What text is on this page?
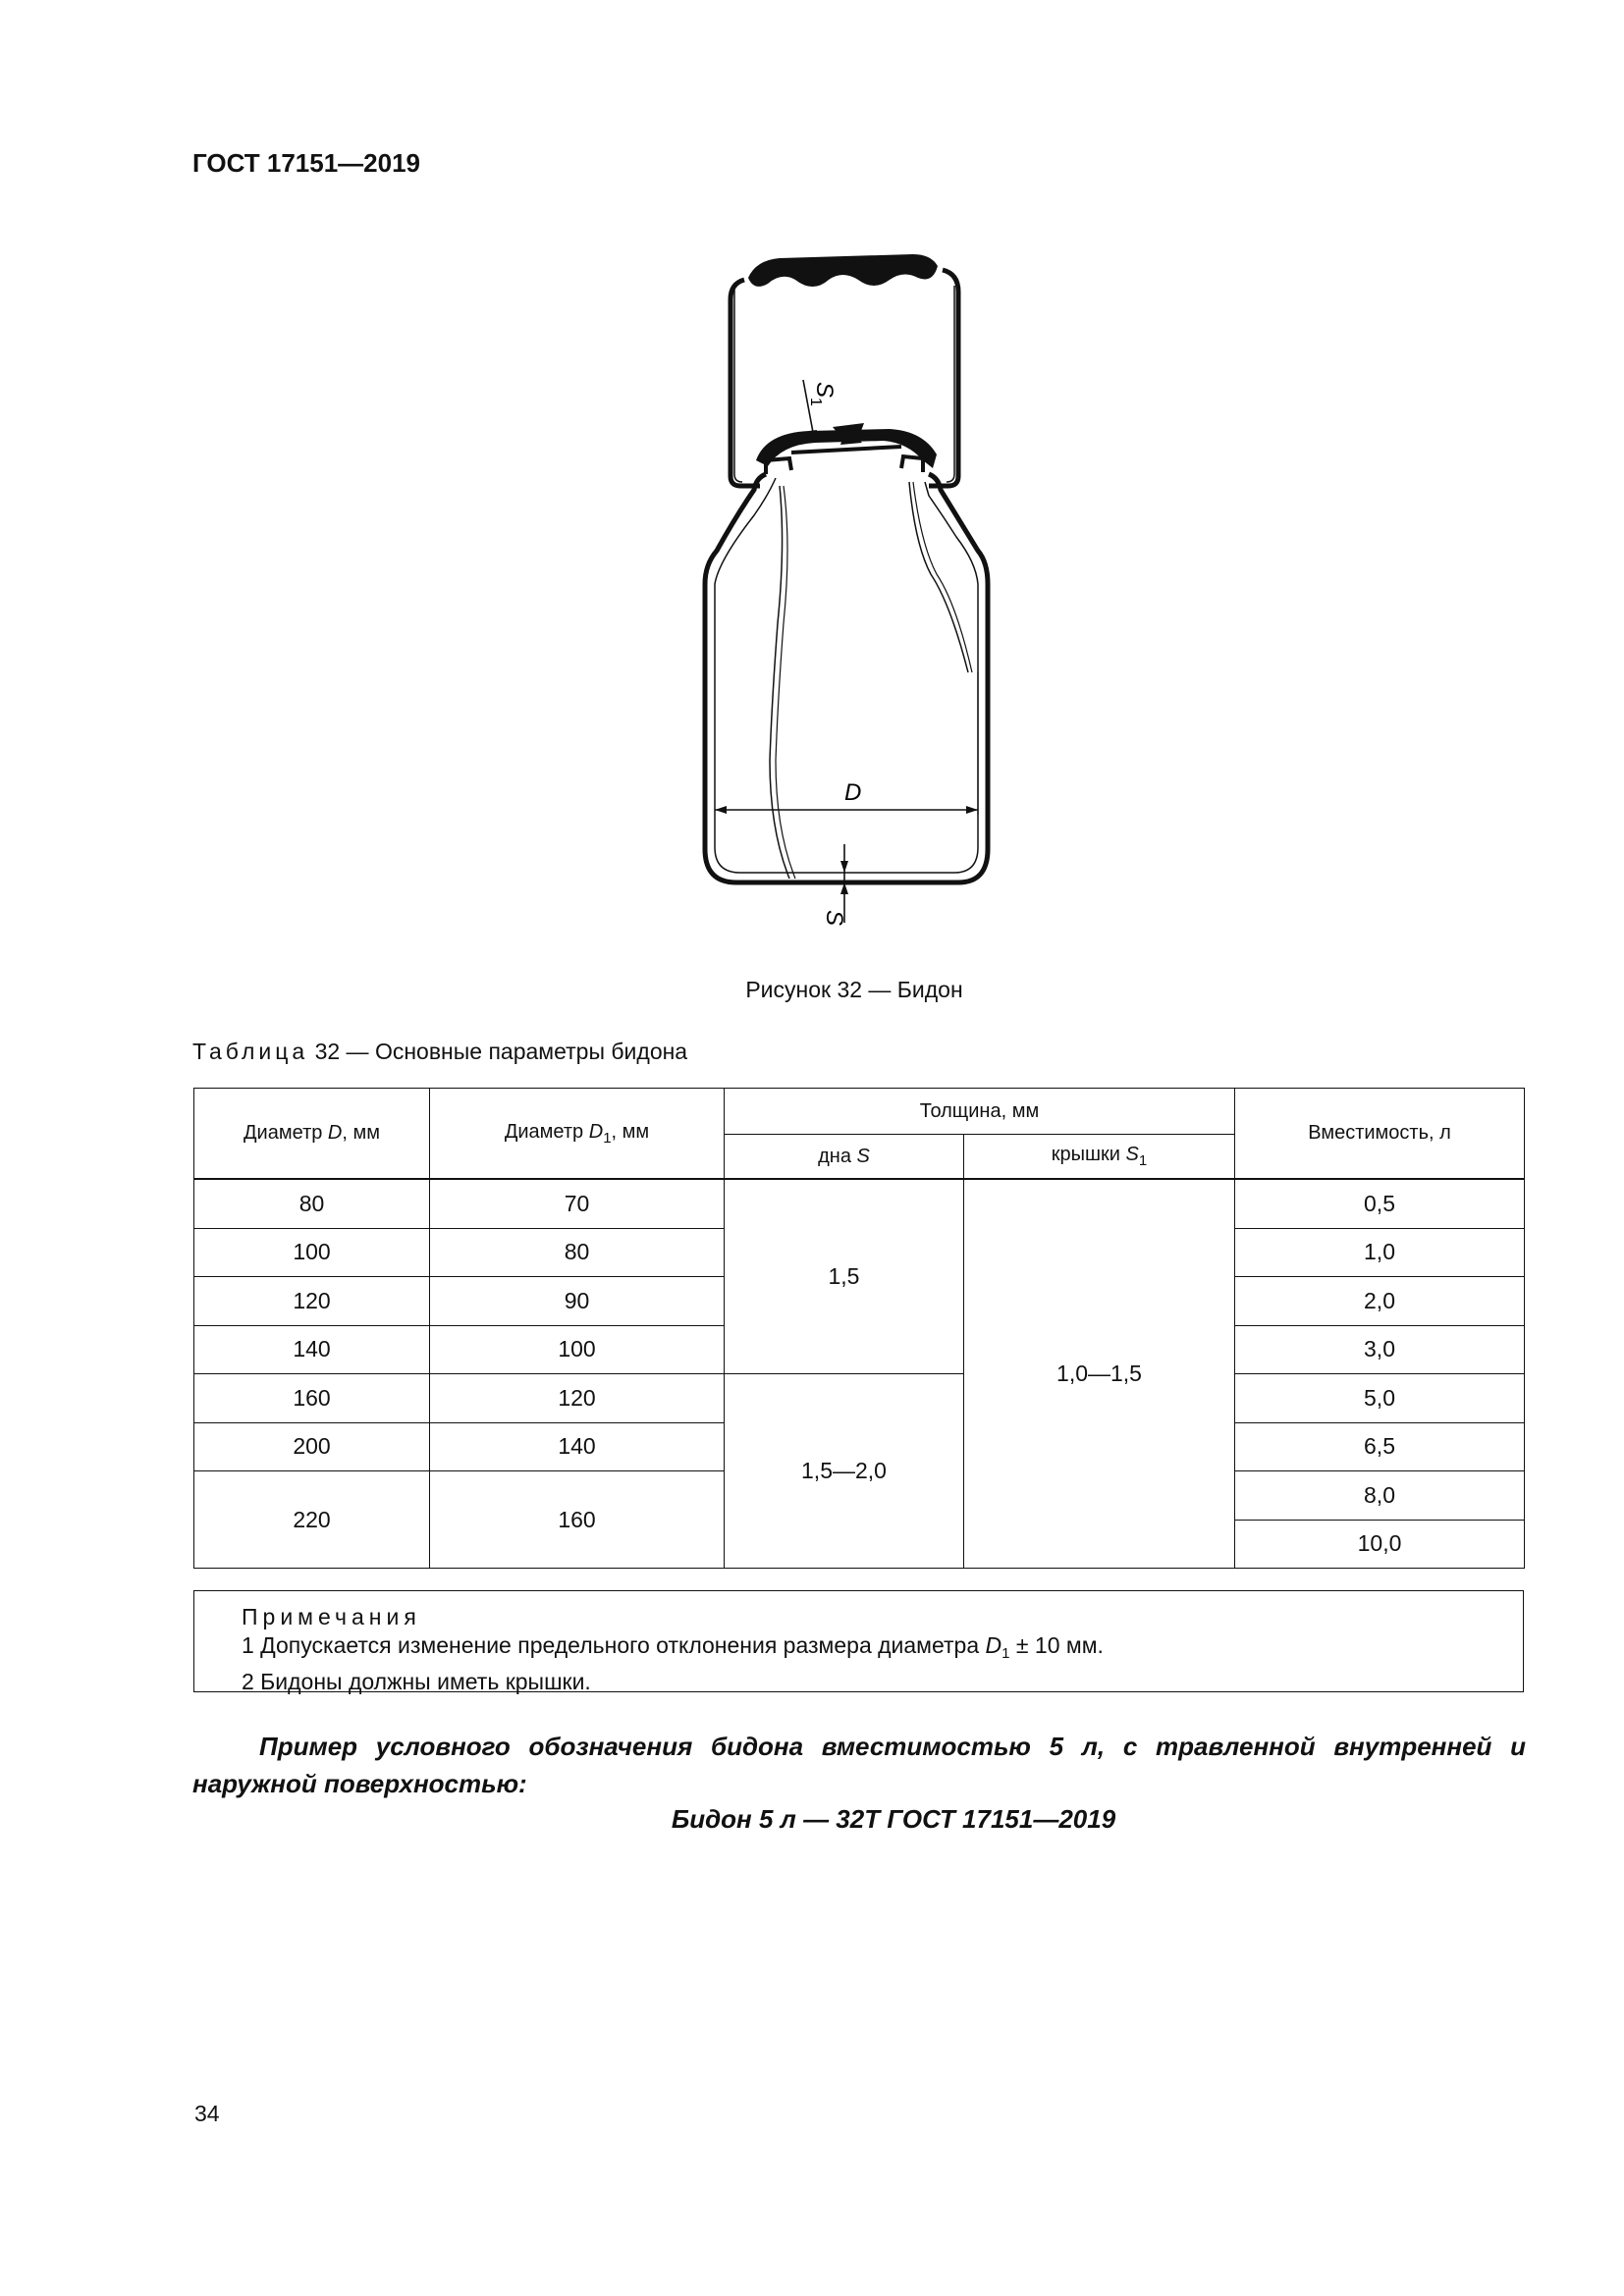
ГОСТ 17151—2019
D
S
S
1
Рисунок 32 — Бидон
Таблица 32 — Основные параметры бидона
Диаметр D, мм	Диаметр $D_1$, мм	Толщина, мм		Вместимость, л
		дна S	крышки $S_1$
80	70	1,5	1,0—1,5	0,5
100	80			1,0
120	90			2,0
140	100			3,0
160	120	1,5—2,0		5,0
200	140			6,5
220	160			8,0
				10,0
Примечания
1 Допускается изменение предельного отклонения размера диаметра $D_1 \pm 10$ мм.
2 Бидоны должны иметь крышки.
Пример условного обозначения бидона вместимостью 5 л, с травленной внутренней и наружной поверхностью:
Бидон 5 л — 32Т ГОСТ 17151—2019
34
